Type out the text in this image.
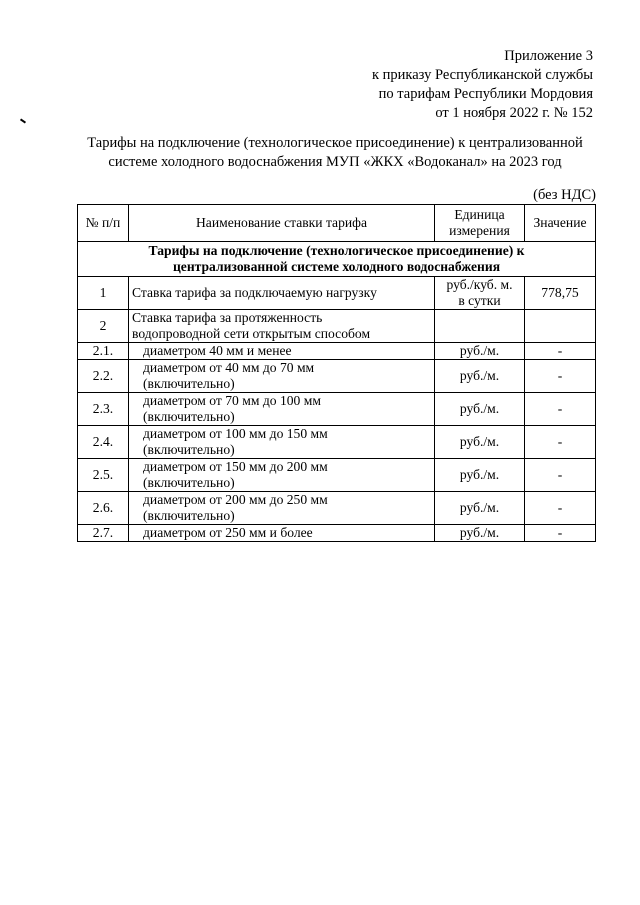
Приложение 3
к приказу Республиканской службы
по тарифам Республики Мордовия
от 1 ноября 2022 г. № 152
Тарифы на подключение (технологическое присоединение) к централизованной
системе холодного водоснабжения МУП «ЖКХ «Водоканал» на 2023 год
(без НДС)
№ п/п	Наименование ставки тарифа	Единица
измерения	Значение

Тарифы на подключение (технологическое присоединение) к
централизованной системе холодного водоснабжения			

1	Ставка тарифа за подключаемую нагрузку	руб./куб. м.
в сутки	778,75
2	Ставка тарифа за протяженность
водопроводной сети открытым способом		

2.1.	диаметром 40 мм и менее	руб./м.	-
2.2.	диаметром от 40 мм до 70 мм
(включительно)	руб./м.	-
2.3.	диаметром от 70 мм до 100 мм
(включительно)	руб./м.	-
2.4.	диаметром от 100 мм до 150 мм
(включительно)	руб./м.	-
2.5.	диаметром от 150 мм до 200 мм
(включительно)	руб./м.	-
2.6.	диаметром от 200 мм до 250 мм
(включительно)	руб./м.	-
2.7.	диаметром от 250 мм и более	руб./м.	-
